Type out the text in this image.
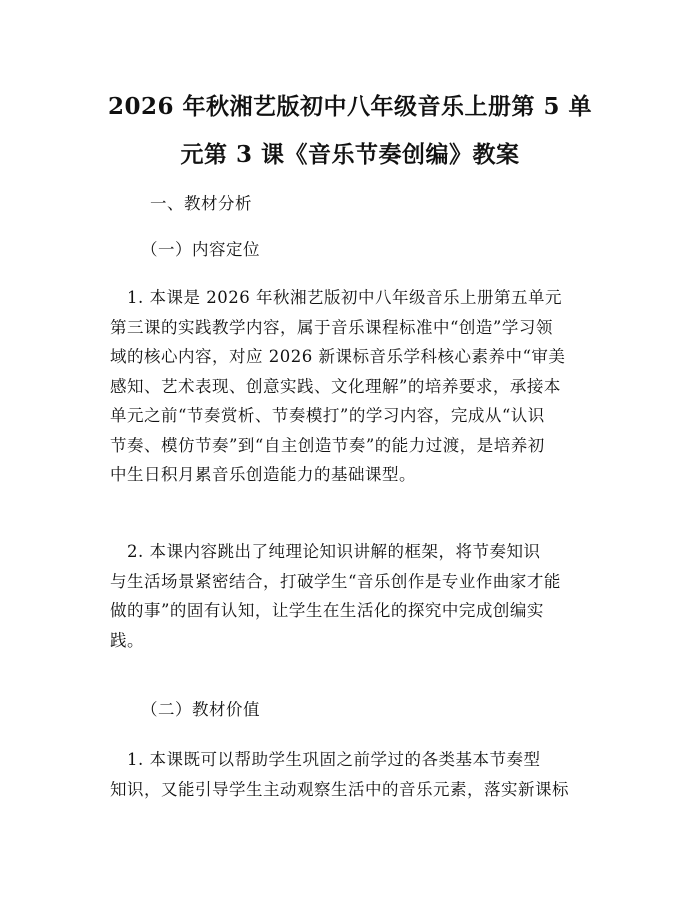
2026 年秋湘艺版初中八年级音乐上册第 5 单
元第 3 课《音乐节奏创编》教案

一、教材分析

（一）内容定位

　1. 本课是 2026 年秋湘艺版初中八年级音乐上册第五单元
第三课的实践教学内容，属于音乐课程标准中“创造”学习领
域的核心内容，对应 2026 新课标音乐学科核心素养中“审美
感知、艺术表现、创意实践、文化理解”的培养要求，承接本
单元之前“节奏赏析、节奏模打”的学习内容，完成从“认识
节奏、模仿节奏”到“自主创造节奏”的能力过渡，是培养初
中生日积月累音乐创造能力的基础课型。
　2. 本课内容跳出了纯理论知识讲解的框架，将节奏知识
与生活场景紧密结合，打破学生“音乐创作是专业作曲家才能
做的事”的固有认知，让学生在生活化的探究中完成创编实
践。

（二）教材价值

　1. 本课既可以帮助学生巩固之前学过的各类基本节奏型
知识，又能引导学生主动观察生活中的音乐元素，落实新课标
